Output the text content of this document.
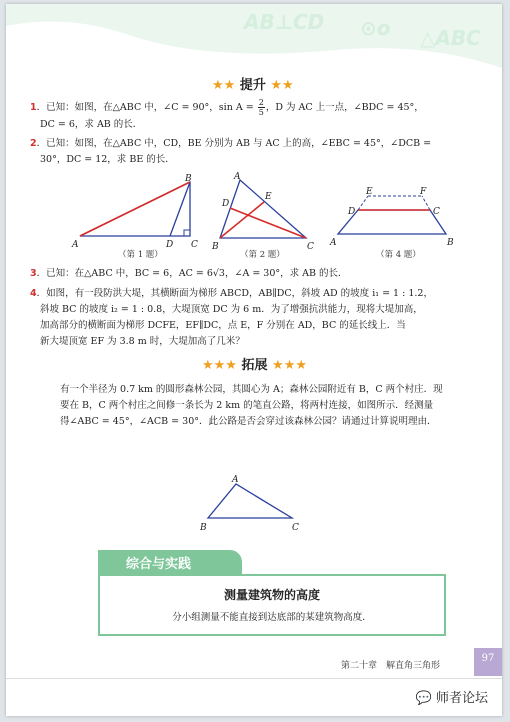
AB⊥CD ⊙o △ABC
★★ 提升 ★★
1．已知：如图，在△ABC 中，∠C = 90°，$\sin A = \frac{2}{5}$ ，D 为 AC 上一点，∠BDC = 45°，
DC = 6，求 AB 的长．
2．已知：如图，在△ABC 中，CD，BE 分别为 AB 与 AC 上的高，∠EBC = 45°，∠DCB =
30°，DC = 12，求 BE 的长．
A	D C
B
（第 1 题）
B	C
A
D
E
（第 2 题）
A	B
D	C
E	F
（第 4 题）
3．已知：在△ABC 中，BC = 6，AC = 6√3，∠A = 30°，求 AB 的长．
4．如图，有一段防洪大堤，其横断面为梯形 ABCD，AB∥DC，斜坡 AD 的坡度 i₁ = 1 : 1.2，
斜坡 BC 的坡度 i₂ = 1 : 0.8，大堤顶宽 DC 为 6 m．为了增强抗洪能力，现将大堤加高，
加高部分的横断面为梯形 DCFE，EF∥DC，点 E，F 分别在 AD，BC 的延长线上．当
新大堤顶宽 EF 为 3.8 m 时，大堤加高了几米？
★★★ 拓展 ★★★
有一个半径为 0.7 km 的圆形森林公园，其圆心为 A；森林公园附近有 B，C 两个村庄．现
要在 B，C 两个村庄之间修一条长为 2 km 的笔直公路，将两村连接，如图所示．经测量
得∠ABC = 45°，∠ACB = 30°．此公路是否会穿过该森林公园？请通过计算说明理由．
A
B	C
综合与实践
测量建筑物的高度
分小组测量不能直接到达底部的某建筑物高度．
第二十章　解直角三角形
97
💬 师者论坛
